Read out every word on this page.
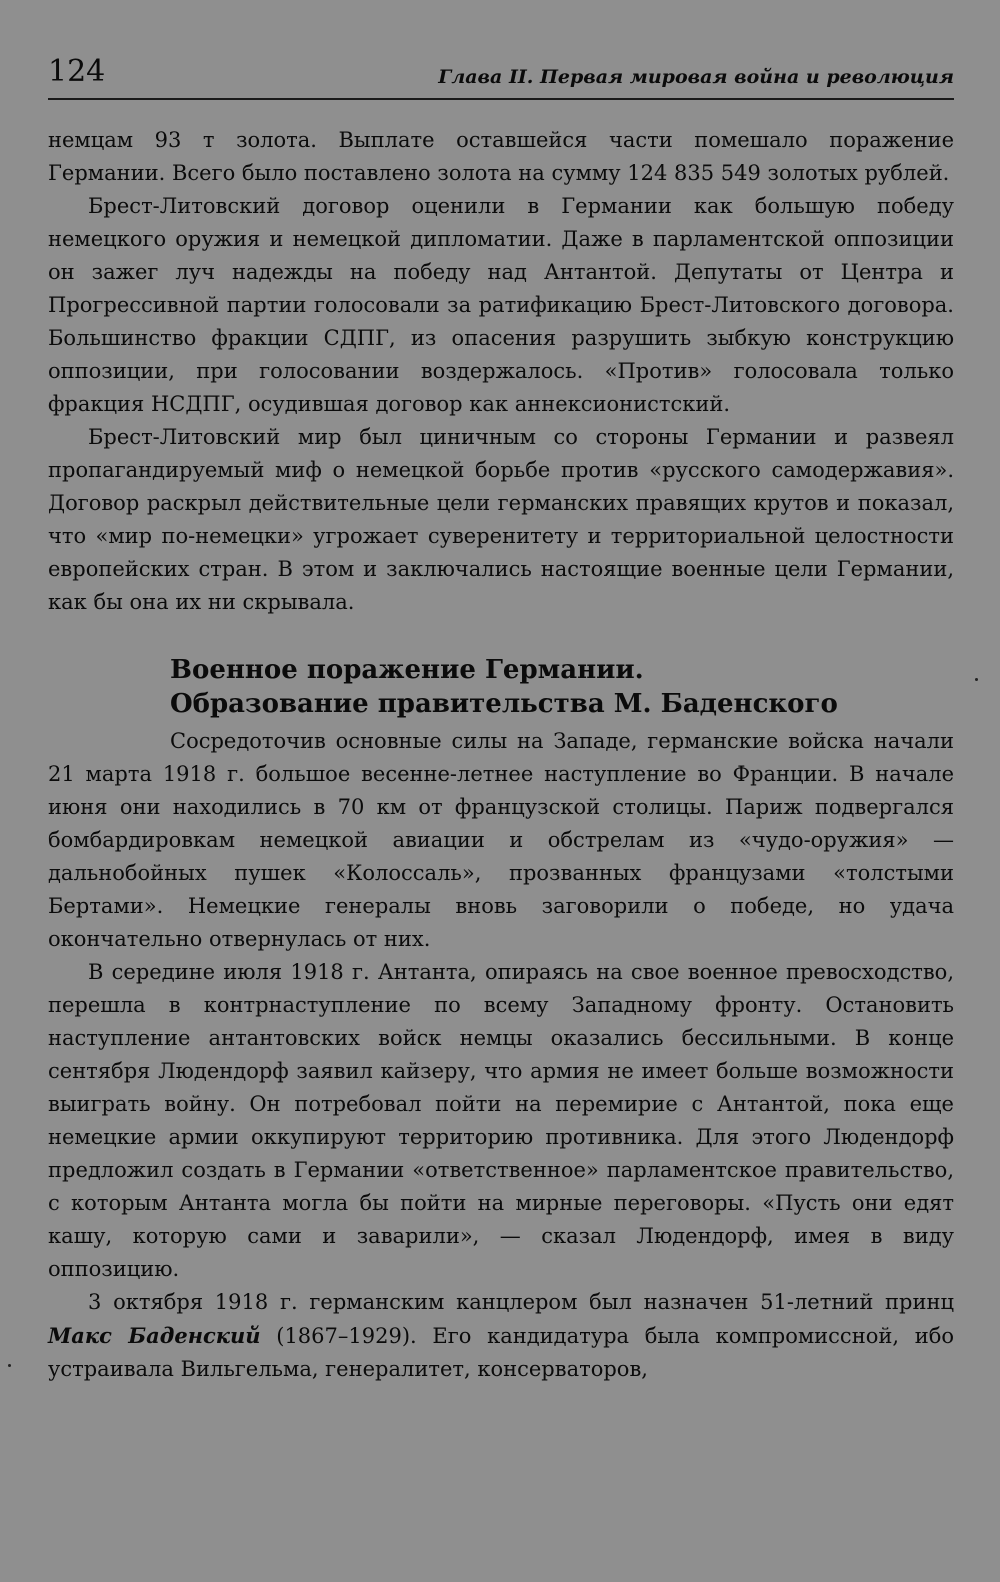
124	Глава II. Первая мировая война и революция

немцам 93 т золота. Выплате оставшейся части помешало поражение Германии. Всего было поставлено золота на сумму 124 835 549 золотых рублей.

Брест-Литовский договор оценили в Германии как большую победу немецкого оружия и немецкой дипломатии. Даже в парламентской оппозиции он зажег луч надежды на победу над Антантой. Депутаты от Центра и Прогрессивной партии голосовали за ратификацию Брест-Литовского договора. Большинство фракции СДПГ, из опасения разрушить зыбкую конструкцию оппозиции, при голосовании воздержалось. «Против» голосовала только фракция НСДПГ, осудившая договор как аннексионистский.

Брест-Литовский мир был циничным со стороны Германии и развеял пропагандируемый миф о немецкой борьбе против «русского самодержавия». Договор раскрыл действительные цели германских правящих крутов и показал, что «мир по-немецки» угрожает суверенитету и территориальной целостности европейских стран. В этом и заключались настоящие военные цели Германии, как бы она их ни скрывала.

Военное поражение Германии.
Образование правительства М. Баденского

Сосредоточив основные силы на Западе, германские войска начали 21 марта 1918 г. большое весенне-летнее наступление во Франции. В начале июня они находились в 70 км от французской столицы. Париж подвергался бомбардировкам немецкой авиации и обстрелам из «чудо-оружия» — дальнобойных пушек «Колоссаль», прозванных французами «толстыми Бертами». Немецкие генералы вновь заговорили о победе, но удача окончательно отвернулась от них.

В середине июля 1918 г. Антанта, опираясь на свое военное превосходство, перешла в контрнаступление по всему Западному фронту. Остановить наступление антантовских войск немцы оказались бессильными. В конце сентября Людендорф заявил кайзеру, что армия не имеет больше возможности выиграть войну. Он потребовал пойти на перемирие с Антантой, пока еще немецкие армии оккупируют территорию противника. Для этого Людендорф предложил создать в Германии «ответственное» парламентское правительство, с которым Антанта могла бы пойти на мирные переговоры. «Пусть они едят кашу, которую сами и заварили», — сказал Людендорф, имея в виду оппозицию.

3 октября 1918 г. германским канцлером был назначен 51-летний принц Макс Баденский (1867–1929). Его кандидатура была компромиссной, ибо устраивала Вильгельма, генералитет, консерваторов,
